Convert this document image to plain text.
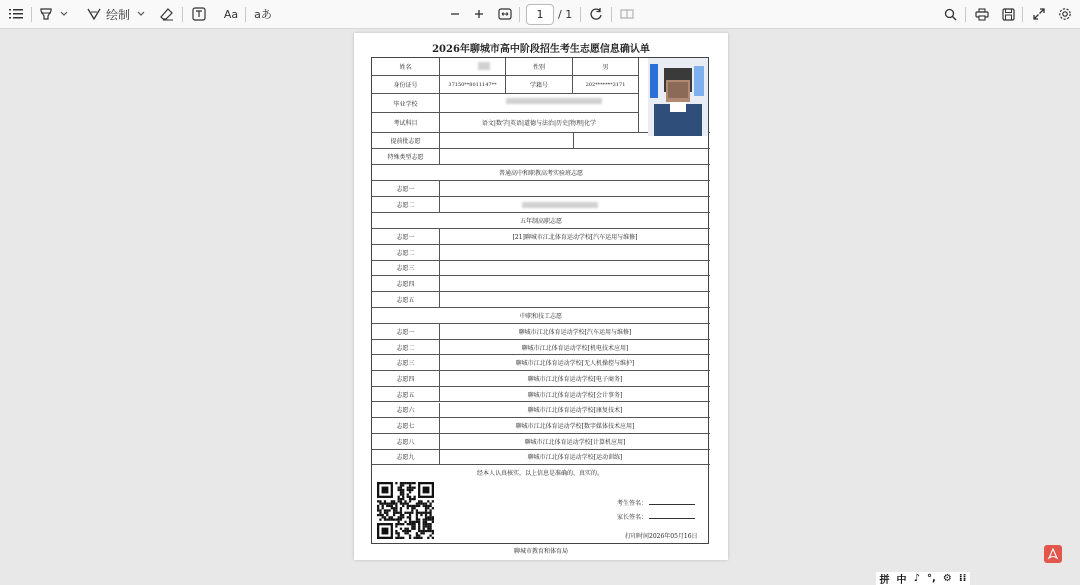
绘制	Aa aあ	1	/ 1
2026年聊城市高中阶段招生考生志愿信息确认单
姓名	性别	男
身份证号	37150**8011147**	学籍号	202*******3171
毕业学校
考试科目	语文|数学|英语|道德与法治|历史|物理|化学
提前批志愿
特殊类型志愿
普通高中和职教高考实验班志愿
志愿一
志愿二
五年制高职志愿
志愿一	[21]聊城市江北体育运动学校[汽车运用与维修]
志愿二
志愿三
志愿四
志愿五
中职和技工志愿
志愿一	聊城市江北体育运动学校[汽车运用与维修]
志愿二	聊城市江北体育运动学校[机电技术应用]
志愿三	聊城市江北体育运动学校[无人机操控与维护]
志愿四	聊城市江北体育运动学校[电子商务]
志愿五	聊城市江北体育运动学校[会计事务]
志愿六	聊城市江北体育运动学校[康复技术]
志愿七	聊城市江北体育运动学校[数字媒体技术应用]
志愿八	聊城市江北体育运动学校[计算机应用]
志愿九	聊城市江北体育运动学校[运动训练]
经本人认真核实，以上信息是准确的，真实的。
考生签名：
家长签名：
打印时间2026年05月16日
聊城市教育和体育局
拼 中 ♪ °, ⚙ ⁞⁞
